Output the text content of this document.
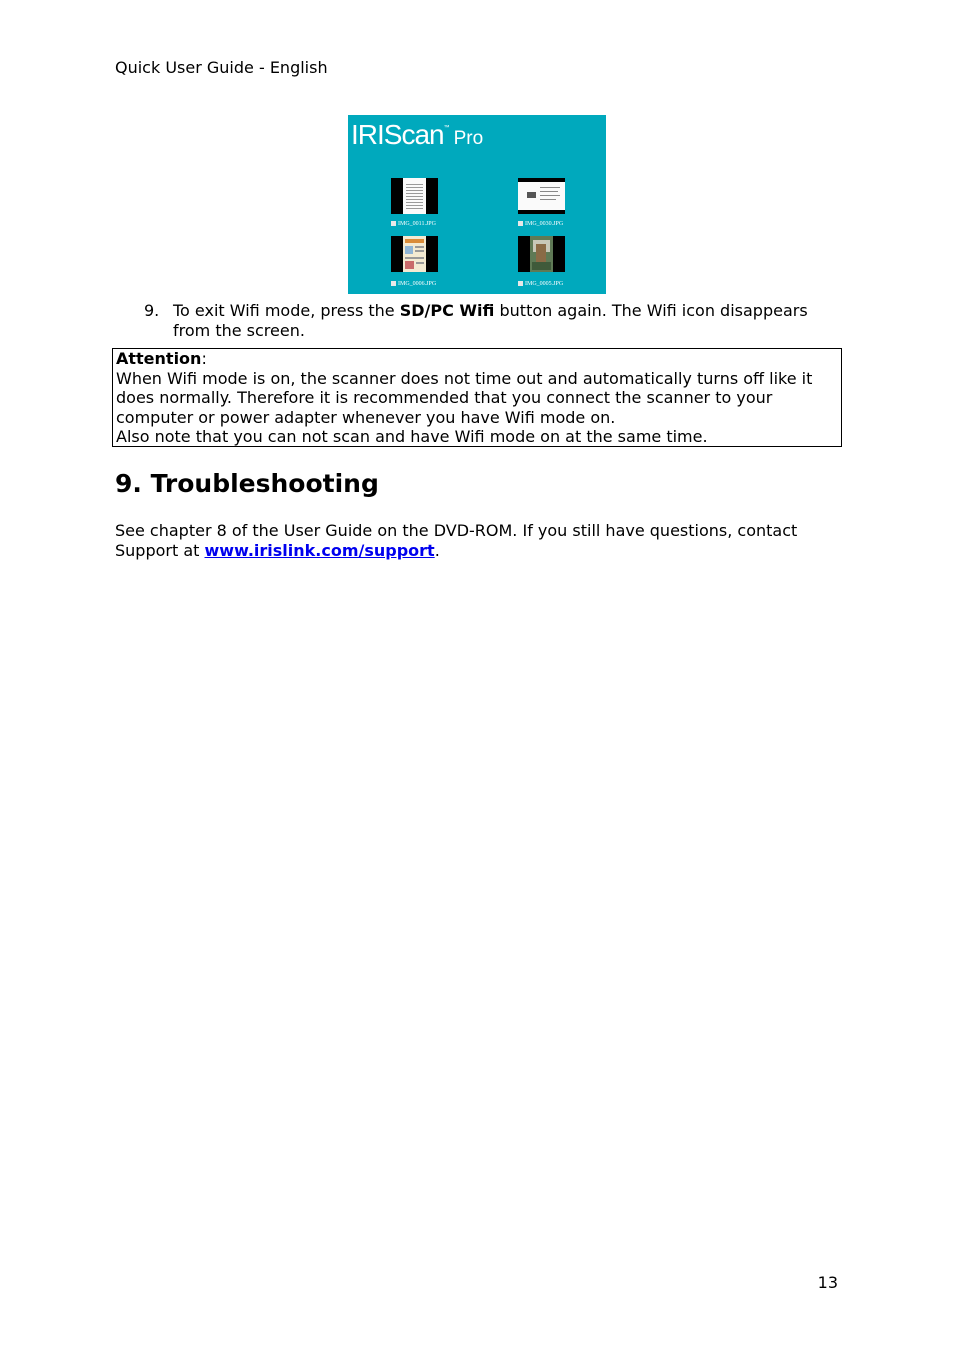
Quick User Guide - English
IRIScan™ Pro
IMG_0011.JPG	IMG_0030.JPG
IMG_0006.JPG	IMG_0005.JPG
9. To exit Wifi mode, press the SD/PC Wifi button again. The Wifi icon disappears from the screen.
Attention:
When Wifi mode is on, the scanner does not time out and automatically turns off like it does normally. Therefore it is recommended that you connect the scanner to your computer or power adapter whenever you have Wifi mode on.
Also note that you can not scan and have Wifi mode on at the same time.
9. Troubleshooting
See chapter 8 of the User Guide on the DVD-ROM. If you still have questions, contact Support at www.irislink.com/support.
13
